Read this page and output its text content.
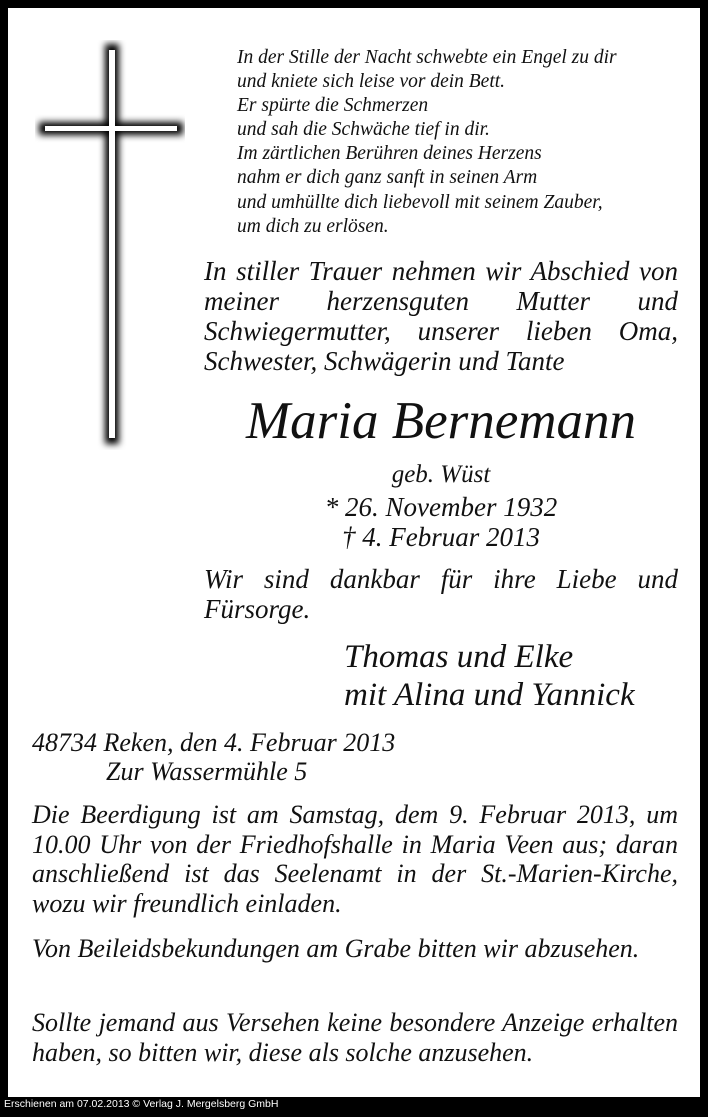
In der Stille der Nacht schwebte ein Engel zu dir
und kniete sich leise vor dein Bett.
Er spürte die Schmerzen
und sah die Schwäche tief in dir.
Im zärtlichen Berühren deines Herzens
nahm er dich ganz sanft in seinen Arm
und umhüllte dich liebevoll mit seinem Zauber,
um dich zu erlösen.
In stiller Trauer nehmen wir Abschied von meiner herzensguten Mutter und Schwiegermutter, unserer lieben Oma, Schwester, Schwägerin und Tante
Maria Bernemann
geb. Wüst
* 26. November 1932
† 4. Februar 2013
Wir sind dankbar für ihre Liebe und Fürsorge.
Thomas und Elke
mit Alina und Yannick
48734 Reken, den 4. Februar 2013
Zur Wassermühle 5
Die Beerdigung ist am Samstag, dem 9. Februar 2013, um 10.00 Uhr von der Friedhofshalle in Maria Veen aus; daran anschließend ist das Seelenamt in der St.-Marien-Kirche, wozu wir freundlich einladen.
Von Beileidsbekundungen am Grabe bitten wir abzusehen.
Sollte jemand aus Versehen keine besondere Anzeige erhalten haben, so bitten wir, diese als solche anzusehen.
Erschienen am 07.02.2013 © Verlag J. Mergelsberg GmbH
